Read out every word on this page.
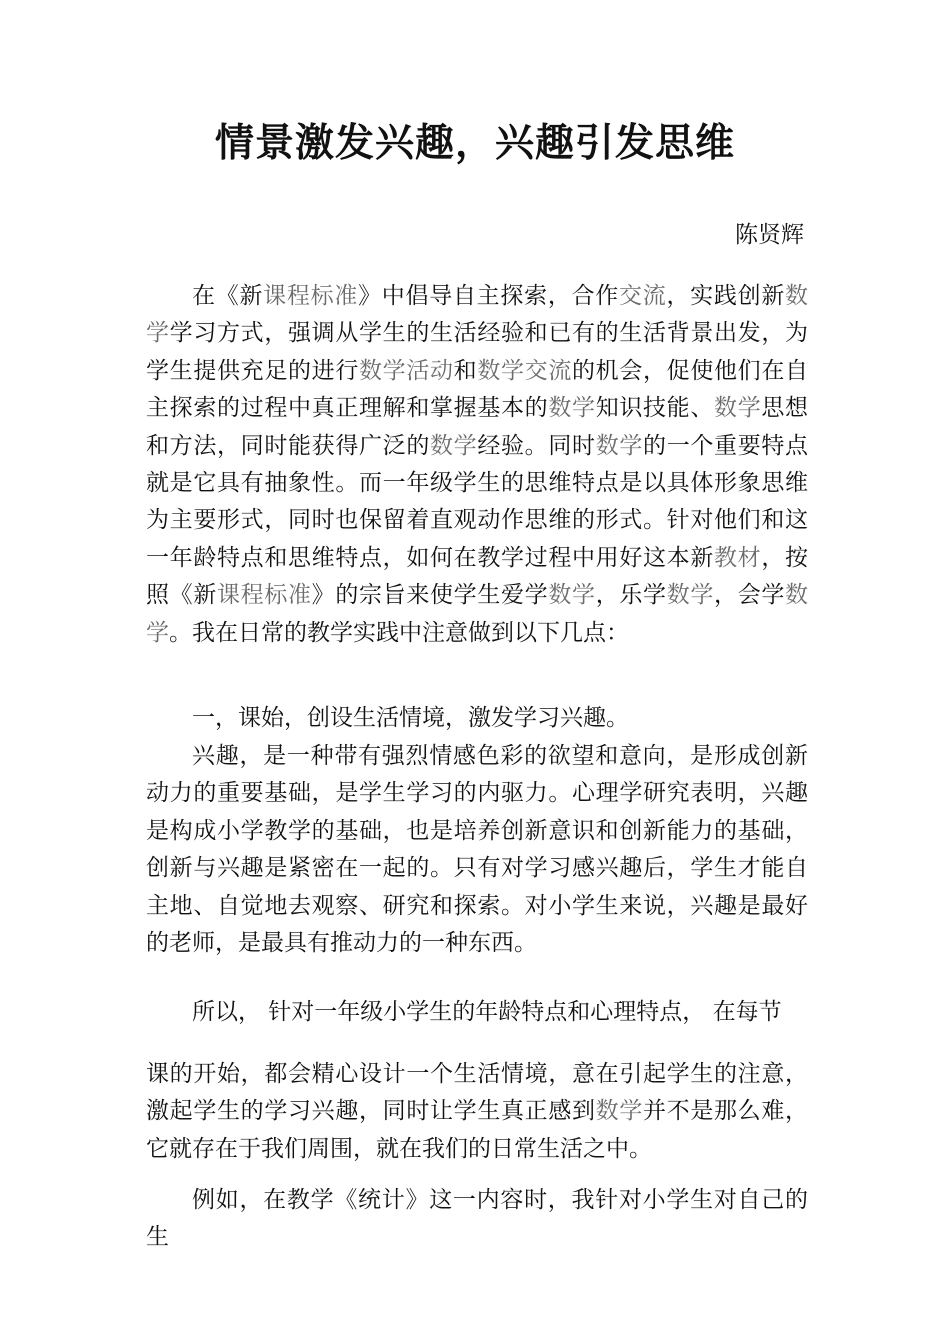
情景激发兴趣，兴趣引发思维

陈贤辉

在《新课程标准》中倡导自主探索，合作交流，实践创新数学学习方式，强调从学生的生活经验和已有的生活背景出发，为学生提供充足的进行数学活动和数学交流的机会，促使他们在自主探索的过程中真正理解和掌握基本的数学知识技能、数学思想和方法，同时能获得广泛的数学经验。同时数学的一个重要特点就是它具有抽象性。而一年级学生的思维特点是以具体形象思维为主要形式，同时也保留着直观动作思维的形式。针对他们和这一年龄特点和思维特点，如何在教学过程中用好这本新教材，按照《新课程标准》的宗旨来使学生爱学数学，乐学数学，会学数学。我在日常的教学实践中注意做到以下几点：

一，课始，创设生活情境，激发学习兴趣。

兴趣，是一种带有强烈情感色彩的欲望和意向，是形成创新动力的重要基础，是学生学习的内驱力。心理学研究表明，兴趣是构成小学教学的基础，也是培养创新意识和创新能力的基础，创新与兴趣是紧密在一起的。只有对学习感兴趣后，学生才能自主地、自觉地去观察、研究和探索。对小学生来说，兴趣是最好的老师，是最具有推动力的一种东西。

所以， 针对一年级小学生的年龄特点和心理特点， 在每节

课的开始，都会精心设计一个生活情境，意在引起学生的注意，激起学生的学习兴趣，同时让学生真正感到数学并不是那么难，它就存在于我们周围，就在我们的日常生活之中。

例如，在教学《统计》这一内容时，我针对小学生对自己的生
